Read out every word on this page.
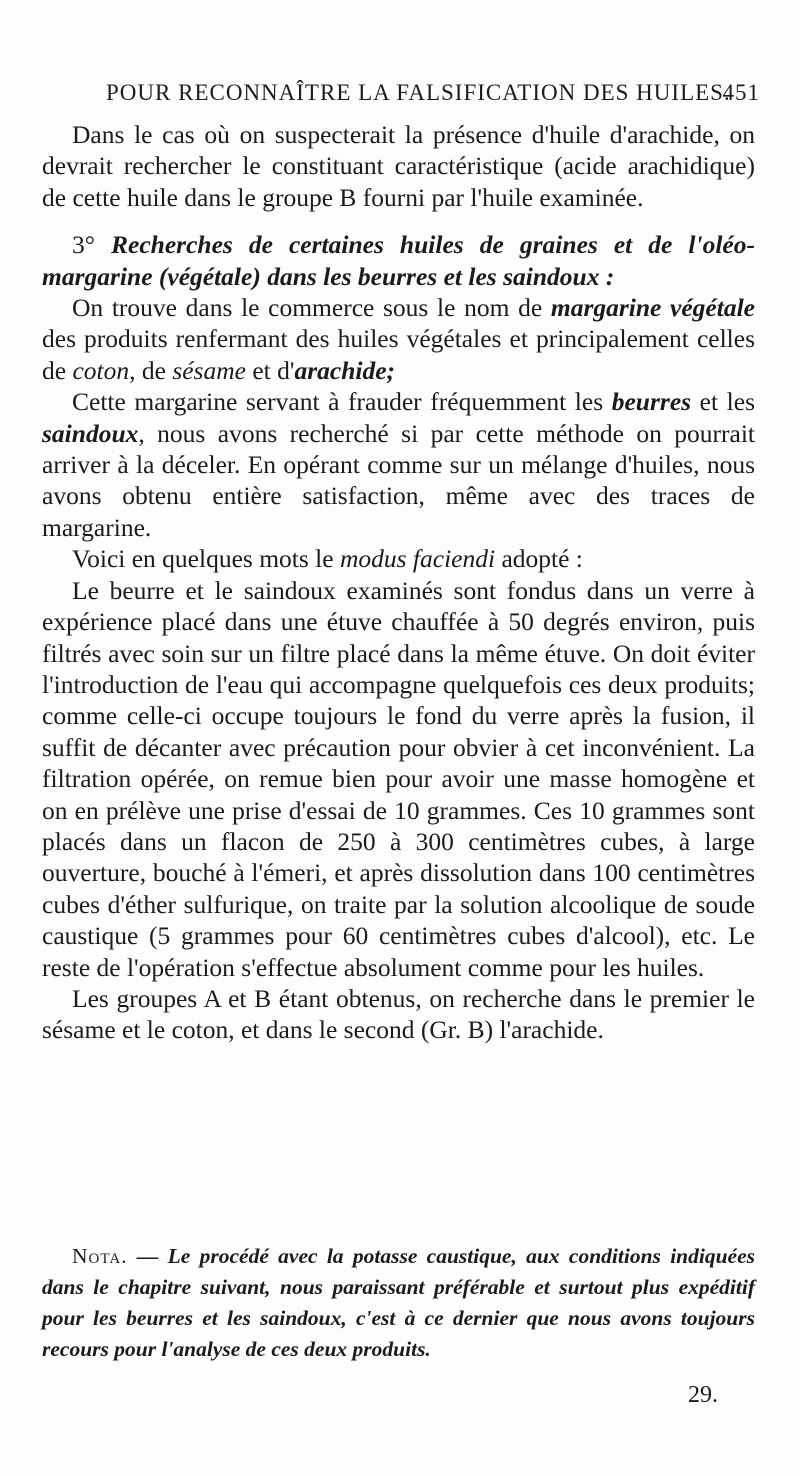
POUR RECONNAÎTRE LA FALSIFICATION DES HUILES.
451

Dans le cas où on suspecterait la présence d'huile d'arachide, on devrait rechercher le constituant caractéristique (acide arachidique) de cette huile dans le groupe B fourni par l'huile examinée.

3° Recherches de certaines huiles de graines et de l'oléo-margarine (végétale) dans les beurres et les saindoux :

On trouve dans le commerce sous le nom de margarine végétale des produits renfermant des huiles végétales et principalement celles de coton, de sésame et d'arachide;

Cette margarine servant à frauder fréquemment les beurres et les saindoux, nous avons recherché si par cette méthode on pourrait arriver à la déceler. En opérant comme sur un mélange d'huiles, nous avons obtenu entière satisfaction, même avec des traces de margarine.

Voici en quelques mots le modus faciendi adopté :

Le beurre et le saindoux examinés sont fondus dans un verre à expérience placé dans une étuve chauffée à 50 degrés environ, puis filtrés avec soin sur un filtre placé dans la même étuve. On doit éviter l'introduction de l'eau qui accompagne quelquefois ces deux produits; comme celle-ci occupe toujours le fond du verre après la fusion, il suffit de décanter avec précaution pour obvier à cet inconvénient. La filtration opérée, on remue bien pour avoir une masse homogène et on en prélève une prise d'essai de 10 grammes. Ces 10 grammes sont placés dans un flacon de 250 à 300 centimètres cubes, à large ouverture, bouché à l'émeri, et après dissolution dans 100 centimètres cubes d'éther sulfurique, on traite par la solution alcoolique de soude caustique (5 grammes pour 60 centimètres cubes d'alcool), etc. Le reste de l'opération s'effectue absolument comme pour les huiles.

Les groupes A et B étant obtenus, on recherche dans le premier le sésame et le coton, et dans le second (Gr. B) l'arachide.

Nota. — Le procédé avec la potasse caustique, aux conditions indiquées dans le chapitre suivant, nous paraissant préférable et surtout plus expéditif pour les beurres et les saindoux, c'est à ce dernier que nous avons toujours recours pour l'analyse de ces deux produits.
29.
